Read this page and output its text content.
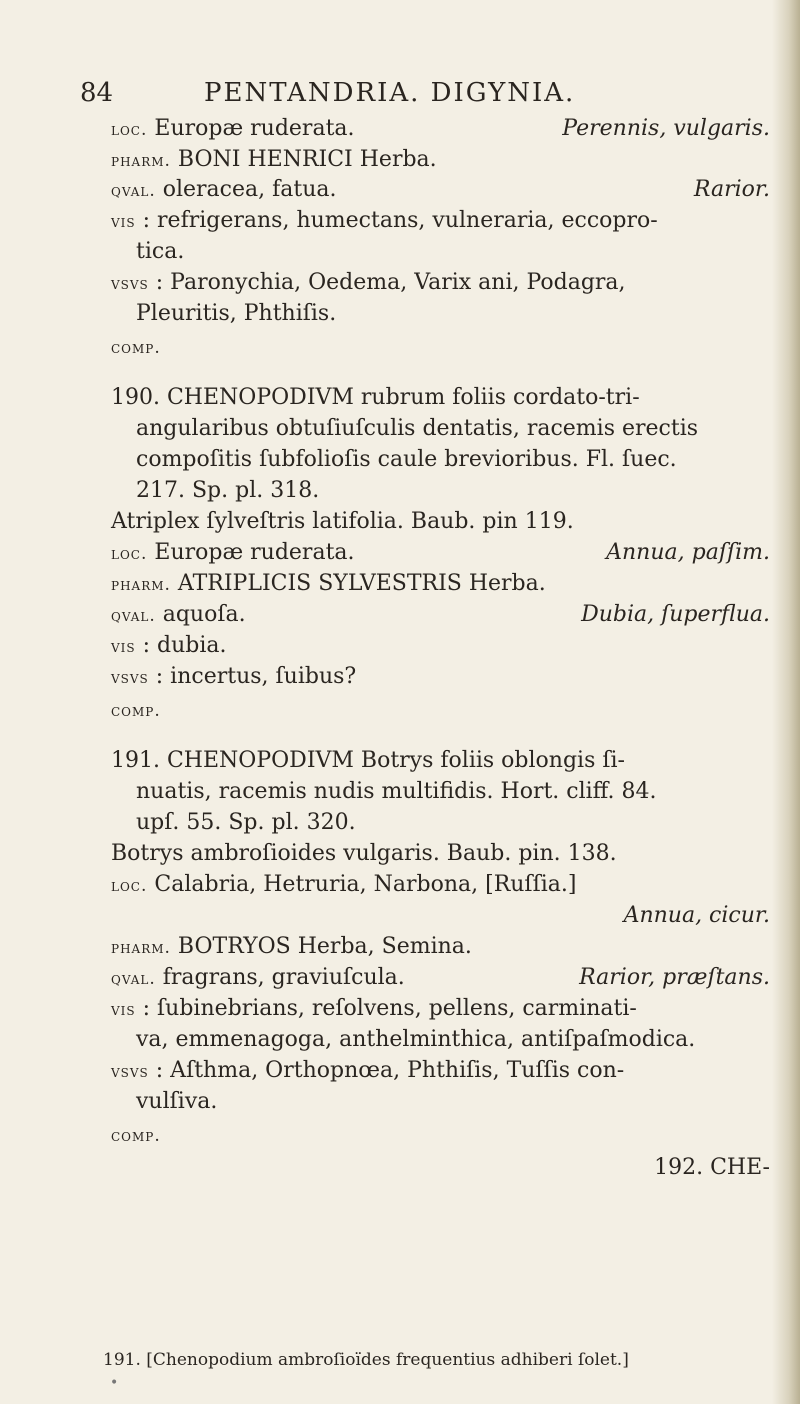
84	PENTANDRIA. DIGYNIA.
loc. Europæ ruderata.	Perennis, vulgaris.
pharm. BONI HENRICI Herba.
qval. oleracea, fatua.	Rarior.
vis : refrigerans, humectans, vulneraria, eccopro-
tica.
vsvs : Paronychia, Oedema, Varix ani, Podagra,
Pleuritis, Phthiſis.
comp.
190. CHENOPODIVM rubrum foliis cordato-tri-
angularibus obtuſiuſculis dentatis, racemis erectis
compoſitis ſubfolioſis caule brevioribus. Fl. ſuec.
217. Sp. pl. 318.
Atriplex ſylveſtris latifolia. Baub. pin 119.
loc. Europæ ruderata.	Annua, paſſim.
pharm. ATRIPLICIS SYLVESTRIS Herba.
qval. aquoſa.	Dubia, ſuperflua.
vis : dubia.
vsvs : incertus, ſuibus?
comp.
191. CHENOPODIVM Botrys foliis oblongis ſi-
nuatis, racemis nudis multifidis. Hort. cliff. 84.
upſ. 55. Sp. pl. 320.
Botrys ambroſioides vulgaris. Baub. pin. 138.
loc. Calabria, Hetruria, Narbona, [Ruſſia.]
Annua, cicur.
pharm. BOTRYOS Herba, Semina.
qval. fragrans, graviuſcula.	Rarior, præſtans.
vis : ſubinebrians, reſolvens, pellens, carminati-
va, emmenagoga, anthelminthica, antiſpaſmodica.
vsvs : Aſthma, Orthopnœa, Phthiſis, Tuſſis con-
vulſiva.
comp.
192. CHE-
191. [Chenopodium ambroſioïdes frequentius adhiberi ſolet.]
•
